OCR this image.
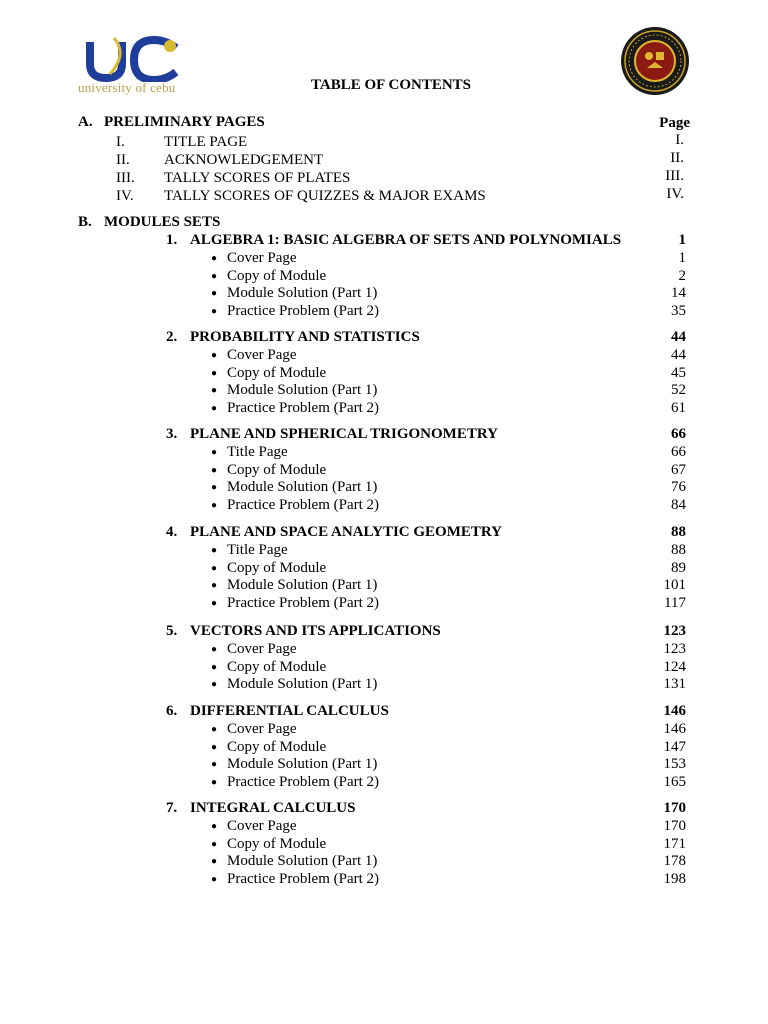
university of cebu	TABLE OF CONTENTS
A. PRELIMINARY PAGES	Page
I.	TITLE PAGE	I.
II. ACKNOWLEDGEMENT	II.
III. TALLY SCORES OF PLATES	III.
IV. TALLY SCORES OF QUIZZES & MAJOR EXAMS	IV.
B. MODULES SETS
1. ALGEBRA 1: BASIC ALGEBRA OF SETS AND POLYNOMIALS	1
● Cover Page	1
● Copy of Module	2
● Module Solution (Part 1)	14
● Practice Problem (Part 2)	35
2. PROBABILITY AND STATISTICS	44
● Cover Page	44
● Copy of Module	45
● Module Solution (Part 1)	52
● Practice Problem (Part 2)	61
3. PLANE AND SPHERICAL TRIGONOMETRY	66
● Title Page	66
● Copy of Module	67
● Module Solution (Part 1)	76
● Practice Problem (Part 2)	84
4. PLANE AND SPACE ANALYTIC GEOMETRY	88
● Title Page	88
● Copy of Module	89
● Module Solution (Part 1)	101
● Practice Problem (Part 2)	117
5. VECTORS AND ITS APPLICATIONS	123
● Cover Page	123
● Copy of Module	124
● Module Solution (Part 1)	131
6. DIFFERENTIAL CALCULUS	146
● Cover Page	146
● Copy of Module	147
● Module Solution (Part 1)	153
● Practice Problem (Part 2)	165
7. INTEGRAL CALCULUS	170
● Cover Page	170
● Copy of Module	171
● Module Solution (Part 1)	178
● Practice Problem (Part 2)	198
